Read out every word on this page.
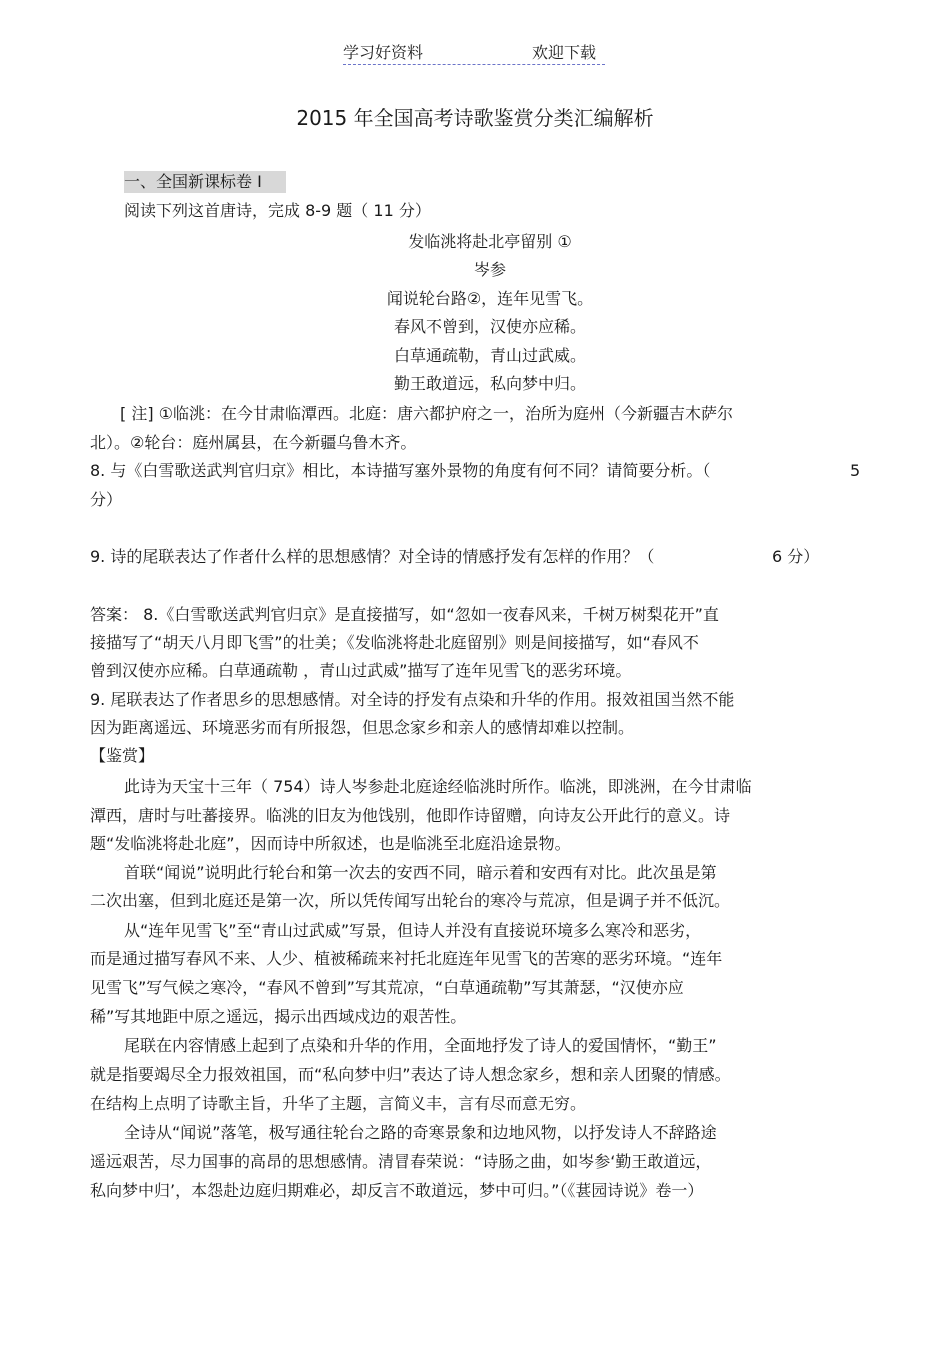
学习好资料	欢迎下载
2015 年全国高考诗歌鉴赏分类汇编解析
一、全国新课标卷 I
阅读下列这首唐诗，完成 8-9 题（ 11 分）
发临洮将赴北亭留别 ①
岑参
闻说轮台路②，连年见雪飞。
春风不曾到，汉使亦应稀。
白草通疏勒，青山过武威。
勤王敢道远，私向梦中归。
[ 注] ①临洮：在今甘肃临潭西。北庭：唐六都护府之一，治所为庭州（今新疆吉木萨尔
北）。②轮台：庭州属县，在今新疆乌鲁木齐。
8. 与《白雪歌送武判官归京》相比，本诗描写塞外景物的角度有何不同？请简要分析。（	5
分）
9. 诗的尾联表达了作者什么样的思想感情？对全诗的情感抒发有怎样的作用？（	6 分）
答案： 8.《白雪歌送武判官归京》是直接描写，如“忽如一夜春风来，千树万树梨花开”直
接描写了“胡天八月即飞雪”的壮美；《发临洮将赴北庭留别》则是间接描写，如“春风不
曾到汉使亦应稀。白草通疏勒 ，青山过武威”描写了连年见雪飞的恶劣环境。
9. 尾联表达了作者思乡的思想感情。对全诗的抒发有点染和升华的作用。报效祖国当然不能
因为距离遥远、环境恶劣而有所报怨，但思念家乡和亲人的感情却难以控制。
【鉴赏】
此诗为天宝十三年（ 754）诗人岑参赴北庭途经临洮时所作。临洮，即洮洲，在今甘肃临
潭西，唐时与吐蕃接界。临洮的旧友为他饯别，他即作诗留赠，向诗友公开此行的意义。诗
题“发临洮将赴北庭”，因而诗中所叙述，也是临洮至北庭沿途景物。
首联“闻说”说明此行轮台和第一次去的安西不同，暗示着和安西有对比。此次虽是第
二次出塞，但到北庭还是第一次，所以凭传闻写出轮台的寒冷与荒凉，但是调子并不低沉。
从“连年见雪飞”至“青山过武威”写景，但诗人并没有直接说环境多么寒冷和恶劣，
而是通过描写春风不来、人少、植被稀疏来衬托北庭连年见雪飞的苦寒的恶劣环境。“连年
见雪飞”写气候之寒冷，“春风不曾到”写其荒凉，“白草通疏勒”写其萧瑟，“汉使亦应
稀”写其地距中原之遥远，揭示出西域戍边的艰苦性。
尾联在内容情感上起到了点染和升华的作用，全面地抒发了诗人的爱国情怀，“勤王”
就是指要竭尽全力报效祖国，而“私向梦中归”表达了诗人想念家乡，想和亲人团聚的情感。
在结构上点明了诗歌主旨，升华了主题，言简义丰，言有尽而意无穷。
全诗从“闻说”落笔，极写通往轮台之路的奇寒景象和边地风物，以抒发诗人不辞路途
遥远艰苦，尽力国事的高昂的思想感情。清冒春荣说：“诗肠之曲，如岑参‘勤王敢道远，
私向梦中归’，本怨赴边庭归期难必，却反言不敢道远，梦中可归。”（《葚园诗说》卷一）
